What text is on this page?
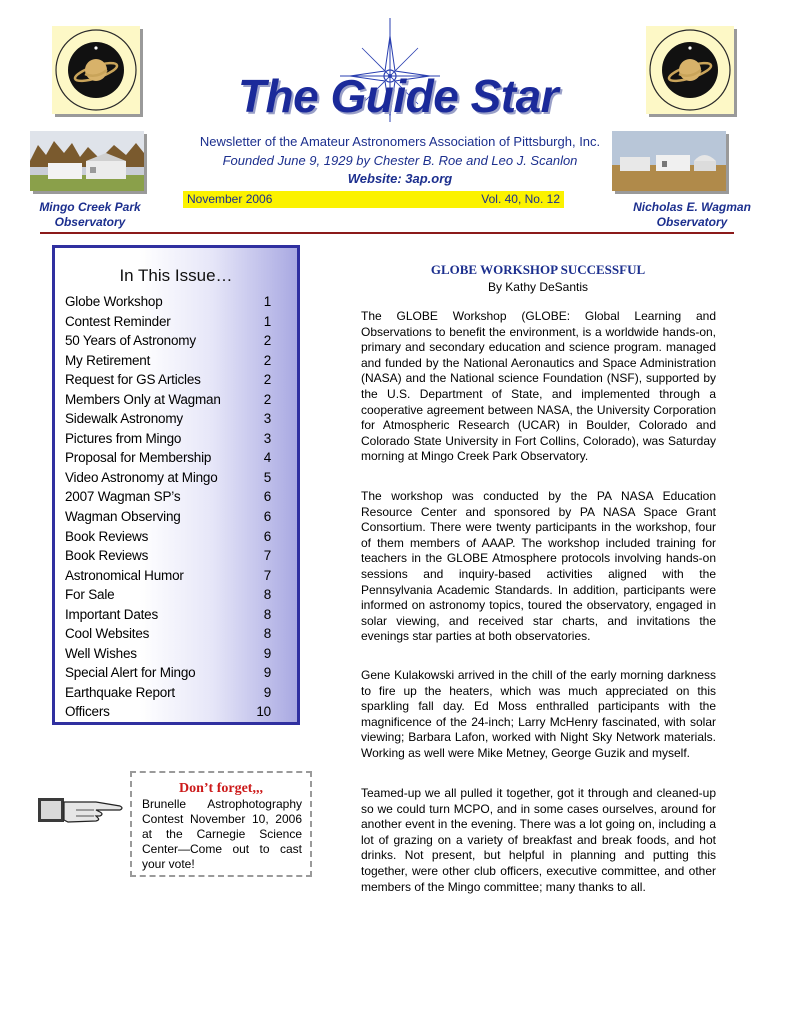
Mingo Creek Park
Observatory
Nicholas E. Wagman
Observatory
The Guide Star
Newsletter of the Amateur Astronomers Association of Pittsburgh, Inc.
Founded June 9, 1929 by Chester B. Roe and Leo J. Scanlon
Website: 3ap.org
November 2006	Vol. 40, No. 12
In This Issue…
Globe Workshop	1
Contest Reminder	1
50 Years of Astronomy	2
My Retirement	2
Request for GS Articles	2
Members Only at Wagman	2
Sidewalk Astronomy	3
Pictures from Mingo	3
Proposal for Membership	4
Video Astronomy at Mingo	5
2007 Wagman SP’s	6
Wagman Observing	6
Book Reviews	6
Book Reviews	7
Astronomical Humor	7
For Sale	8
Important Dates	8
Cool Websites	8
Well Wishes	9
Special Alert for Mingo	9
Earthquake Report	9
Officers	10
Don’t forget,,,
Brunelle Astrophotography Contest November 10, 2006 at the Carnegie Science Center—Come out to cast your vote!
GLOBE WORKSHOP SUCCESSFUL
By Kathy DeSantis

The GLOBE Workshop (GLOBE: Global Learning and Observations to benefit the environment, is a worldwide hands-on, primary and secondary education and science program. managed and funded by the National Aeronautics and Space Administration (NASA) and the National science Foundation (NSF), supported by the U.S. Department of State, and implemented through a cooperative agreement between NASA, the University Corporation for Atmospheric Research (UCAR) in Boulder, Colorado and Colorado State University in Fort Collins, Colorado), was Saturday morning at Mingo Creek Park Observatory.

The workshop was conducted by the PA NASA Education Resource Center and sponsored by PA NASA Space Grant Consortium. There were twenty participants in the workshop, four of them members of AAAP. The workshop included training for teachers in the GLOBE Atmosphere protocols involving hands-on sessions and inquiry-based activities aligned with the Pennsylvania Academic Standards. In addition, participants were informed on astronomy topics, toured the observatory, engaged in solar viewing, and received star charts, and invitations the evenings star parties at both observatories.

Gene Kulakowski arrived in the chill of the early morning darkness to fire up the heaters, which was much appreciated on this sparkling fall day. Ed Moss enthralled participants with the magnificence of the 24-inch; Larry McHenry fascinated, with solar viewing; Barbara Lafon, worked with Night Sky Network materials. Working as well were Mike Metney, George Guzik and myself.

Teamed-up we all pulled it together, got it through and cleaned-up so we could turn MCPO, and in some cases ourselves, around for another event in the evening. There was a lot going on, including a lot of grazing on a variety of breakfast and break foods, and hot drinks. Not present, but helpful in planning and putting this together, were other club officers, executive committee, and other members of the Mingo committee; many thanks to all.
